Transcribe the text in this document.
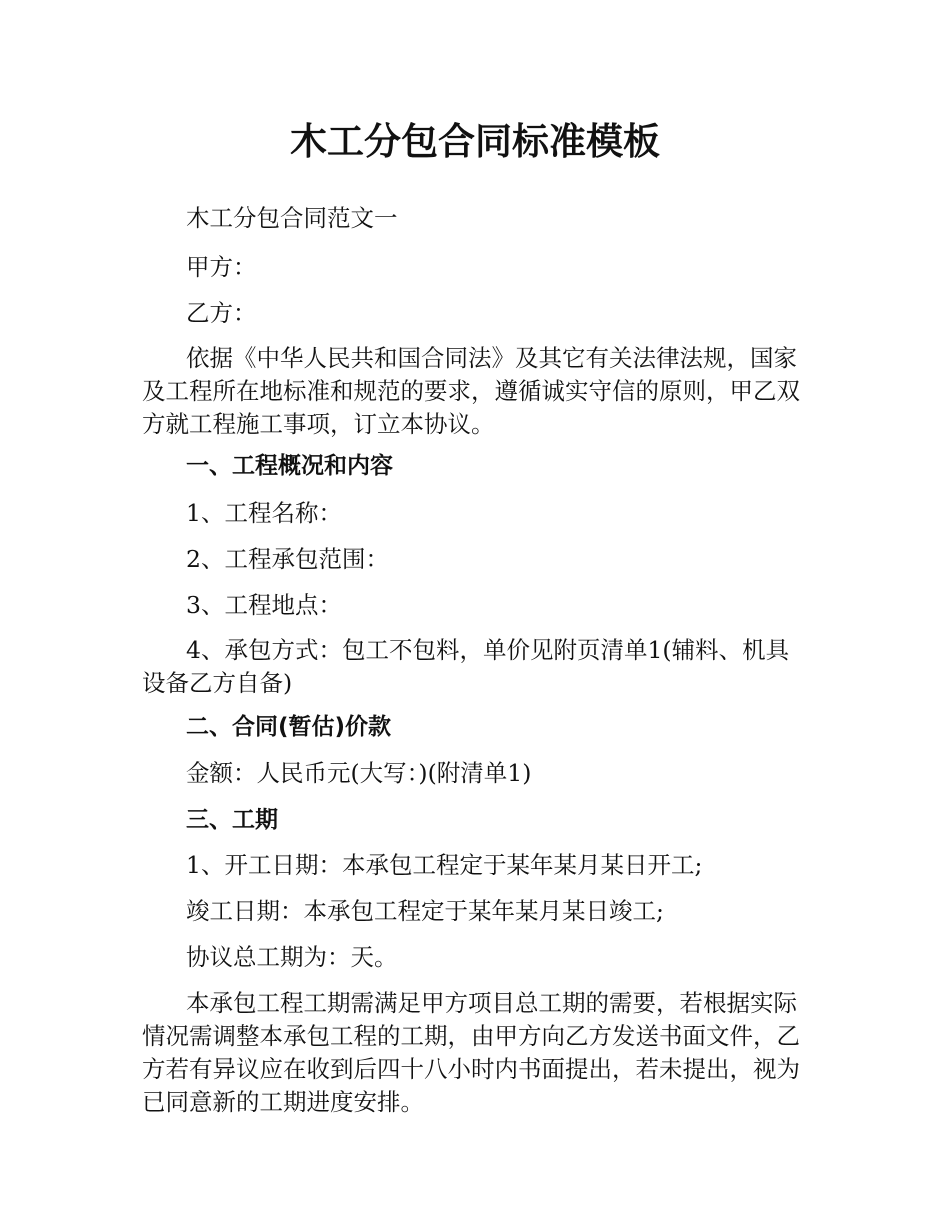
木工分包合同标准模板

木工分包合同范文一

甲方：

乙方：

依据《中华人民共和国合同法》及其它有关法律法规，国家及工程所在地标准和规范的要求，遵循诚实守信的原则，甲乙双方就工程施工事项，订立本协议。

一、工程概况和内容

1、工程名称：

2、工程承包范围：

3、工程地点：

4、承包方式：包工不包料，单价见附页清单1(辅料、机具设备乙方自备)

二、合同(暂估)价款

金额：人民币元(大写：)(附清单1)

三、工期

1、开工日期：本承包工程定于某年某月某日开工;

竣工日期：本承包工程定于某年某月某日竣工;

协议总工期为：天。

本承包工程工期需满足甲方项目总工期的需要，若根据实际情况需调整本承包工程的工期，由甲方向乙方发送书面文件，乙方若有异议应在收到后四十八小时内书面提出，若未提出，视为已同意新的工期进度安排。
